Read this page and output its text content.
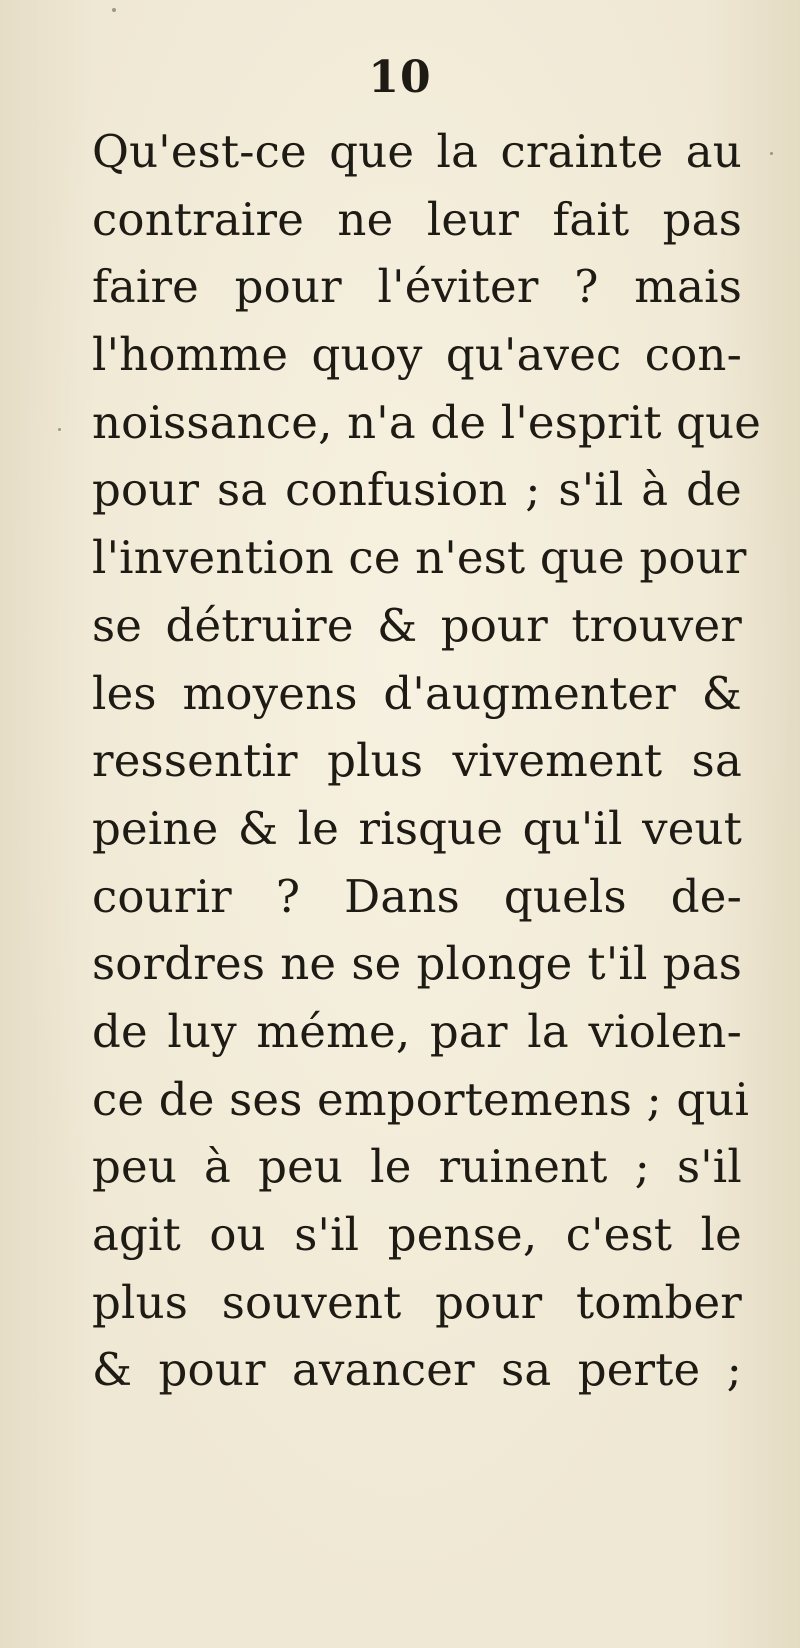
10
Qu'est-ce que la crainte au
contraire ne leur fait pas
faire pour l'éviter ? mais
l'homme quoy qu'avec con-
noissance, n'a de l'esprit que
pour sa confusion ; s'il à de
l'invention ce n'est que pour
se détruire & pour trouver
les moyens d'augmenter &
ressentir plus vivement sa
peine & le risque qu'il veut
courir ? Dans quels de-
sordres ne se plonge t'il pas
de luy méme, par la violen-
ce de ses emportemens ; qui
peu à peu le ruinent ; s'il
agit ou s'il pense, c'est le
plus souvent pour tomber
& pour avancer sa perte ;
